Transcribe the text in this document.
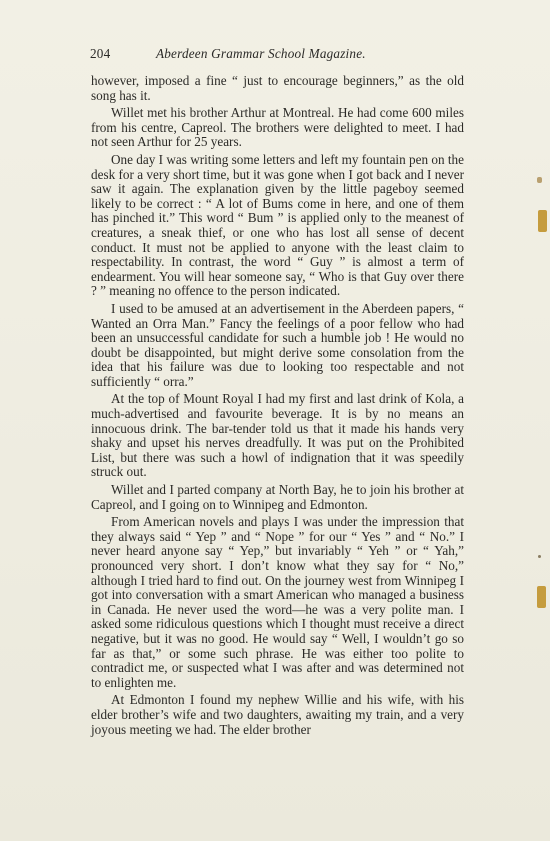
204	Aberdeen Grammar School Magazine.

however, imposed a fine “ just to encourage beginners,” as the old song has it.

Willet met his brother Arthur at Montreal. He had come 600 miles from his centre, Capreol. The brothers were delighted to meet. I had not seen Arthur for 25 years.

One day I was writing some letters and left my fountain pen on the desk for a very short time, but it was gone when I got back and I never saw it again. The explanation given by the little pageboy seemed likely to be correct : “ A lot of Bums come in here, and one of them has pinched it.” This word “ Bum ” is applied only to the meanest of creatures, a sneak thief, or one who has lost all sense of decent conduct. It must not be applied to anyone with the least claim to respectability. In contrast, the word “ Guy ” is almost a term of endearment. You will hear someone say, “ Who is that Guy over there ? ” meaning no offence to the person indicated.

I used to be amused at an advertisement in the Aberdeen papers, “ Wanted an Orra Man.” Fancy the feelings of a poor fellow who had been an unsuccessful candidate for such a humble job ! He would no doubt be disappointed, but might derive some consolation from the idea that his failure was due to looking too respectable and not sufficiently “ orra.”

At the top of Mount Royal I had my first and last drink of Kola, a much-advertised and favourite beverage. It is by no means an innocuous drink. The bar-tender told us that it made his hands very shaky and upset his nerves dreadfully. It was put on the Prohibited List, but there was such a howl of indignation that it was speedily struck out.

Willet and I parted company at North Bay, he to join his brother at Capreol, and I going on to Winnipeg and Edmonton.

From American novels and plays I was under the impression that they always said “ Yep ” and “ Nope ” for our “ Yes ” and “ No.” I never heard anyone say “ Yep,” but invariably “ Yeh ” or “ Yah,” pronounced very short. I don’t know what they say for “ No,” although I tried hard to find out. On the journey west from Winnipeg I got into conversation with a smart American who managed a business in Canada. He never used the word—he was a very polite man. I asked some ridiculous questions which I thought must receive a direct negative, but it was no good. He would say “ Well, I wouldn’t go so far as that,” or some such phrase. He was either too polite to contradict me, or suspected what I was after and was determined not to enlighten me.

At Edmonton I found my nephew Willie and his wife, with his elder brother’s wife and two daughters, awaiting my train, and a very joyous meeting we had. The elder brother
